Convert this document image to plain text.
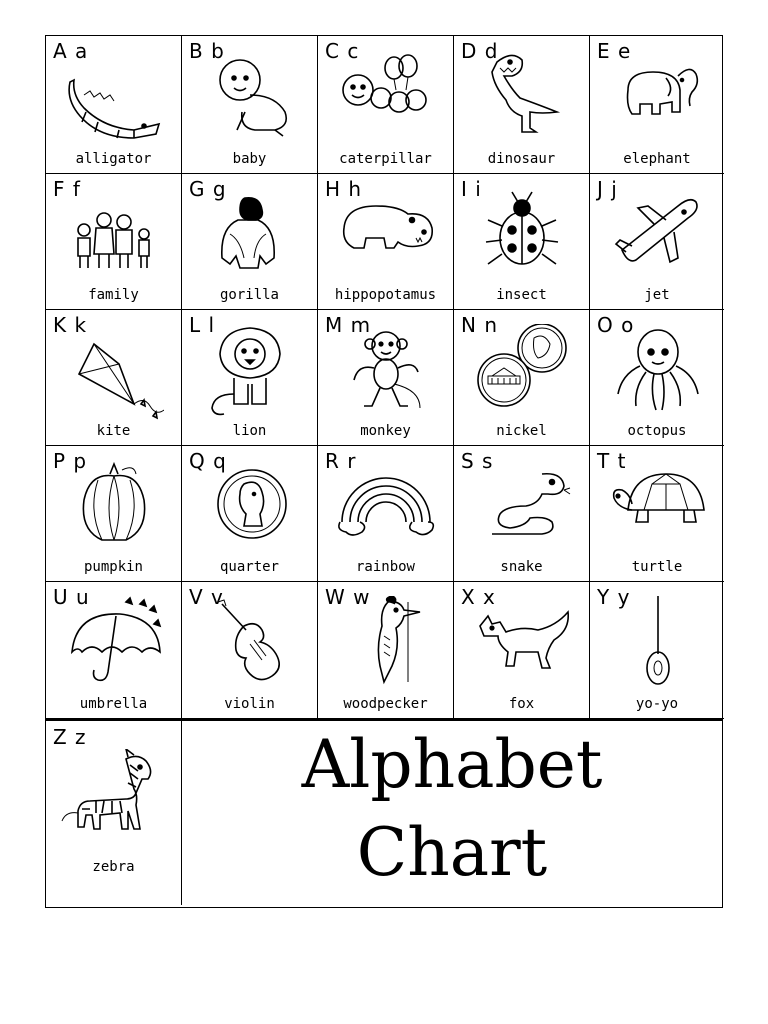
A a
alligator
B b
baby
C c
caterpillar
D d
dinosaur
E e
elephant
F f
family
G g
gorilla
H h
hippopotamus
I i
insect
J j
jet
K k
kite
L l
lion
M m
monkey
N n
nickel
O o
octopus
P p
pumpkin
Q q
quarter
R r
rainbow
S s
snake
T t
turtle
U u
umbrella
V v
violin
W w
woodpecker
X x
fox
Y y
yo-yo
Z z
zebra
Alphabet
Chart
